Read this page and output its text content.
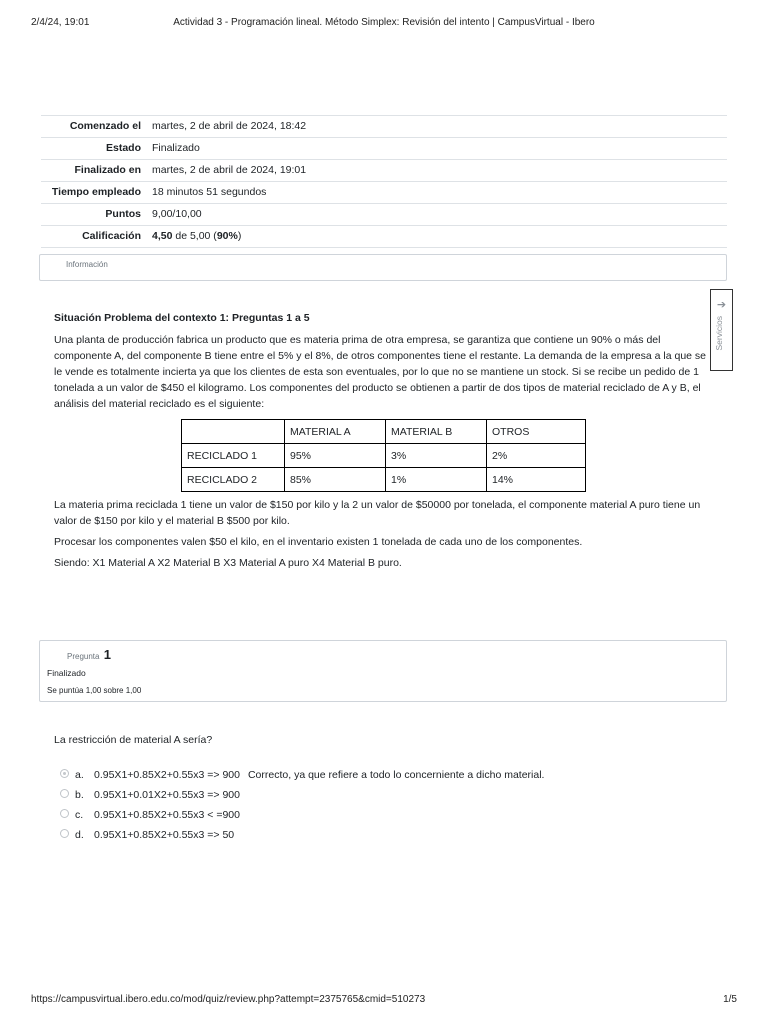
2/4/24, 19:01	Actividad 3 - Programación lineal. Método Simplex: Revisión del intento | CampusVirtual - Ibero
Comenzado el	martes, 2 de abril de 2024, 18:42
Estado	Finalizado
Finalizado en	martes, 2 de abril de 2024, 19:01
Tiempo empleado	18 minutos 51 segundos
Puntos	9,00/10,00
Calificación	4,50 de 5,00 (90%)
Información
➔
Servicios
Situación Problema del contexto 1: Preguntas 1 a 5

Una planta de producción fabrica un producto que es materia prima de otra empresa, se garantiza que contiene un 90% o más del componente A, del componente B tiene entre el 5% y el 8%, de otros componentes tiene el restante. La demanda de la empresa a la que se le vende es totalmente incierta ya que los clientes de esta son eventuales, por lo que no se mantiene un stock. Si se recibe un pedido de 1 tonelada a un valor de $450 el kilogramo. Los componentes del producto se obtienen a partir de dos tipos de material reciclado de A y B, el análisis del material reciclado es el siguiente:

	MATERIAL A	MATERIAL B	OTROS
RECICLADO 1	95%	3%	2%
RECICLADO 2	85%	1%	14%

La materia prima reciclada 1 tiene un valor de $150 por kilo y la 2 un valor de $50000 por tonelada, el componente material A puro tiene un valor de $150 por kilo y el material B $500 por kilo.

Procesar los componentes valen $50 el kilo, en el inventario existen 1 tonelada de cada uno de los componentes.

Siendo: X1 Material A X2 Material B X3 Material A puro X4 Material B puro.

Pregunta 1
Finalizado
Se puntúa 1,00 sobre 1,00

La restricción de material A sería?

a. 0.95X1+0.85X2+0.55x3 => 900 Correcto, ya que refiere a todo lo concerniente a dicho material.
b. 0.95X1+0.01X2+0.55x3 => 900
c. 0.95X1+0.85X2+0.55x3 < =900
d. 0.95X1+0.85X2+0.55x3 => 50
https://campusvirtual.ibero.edu.co/mod/quiz/review.php?attempt=2375765&cmid=510273	1/5
